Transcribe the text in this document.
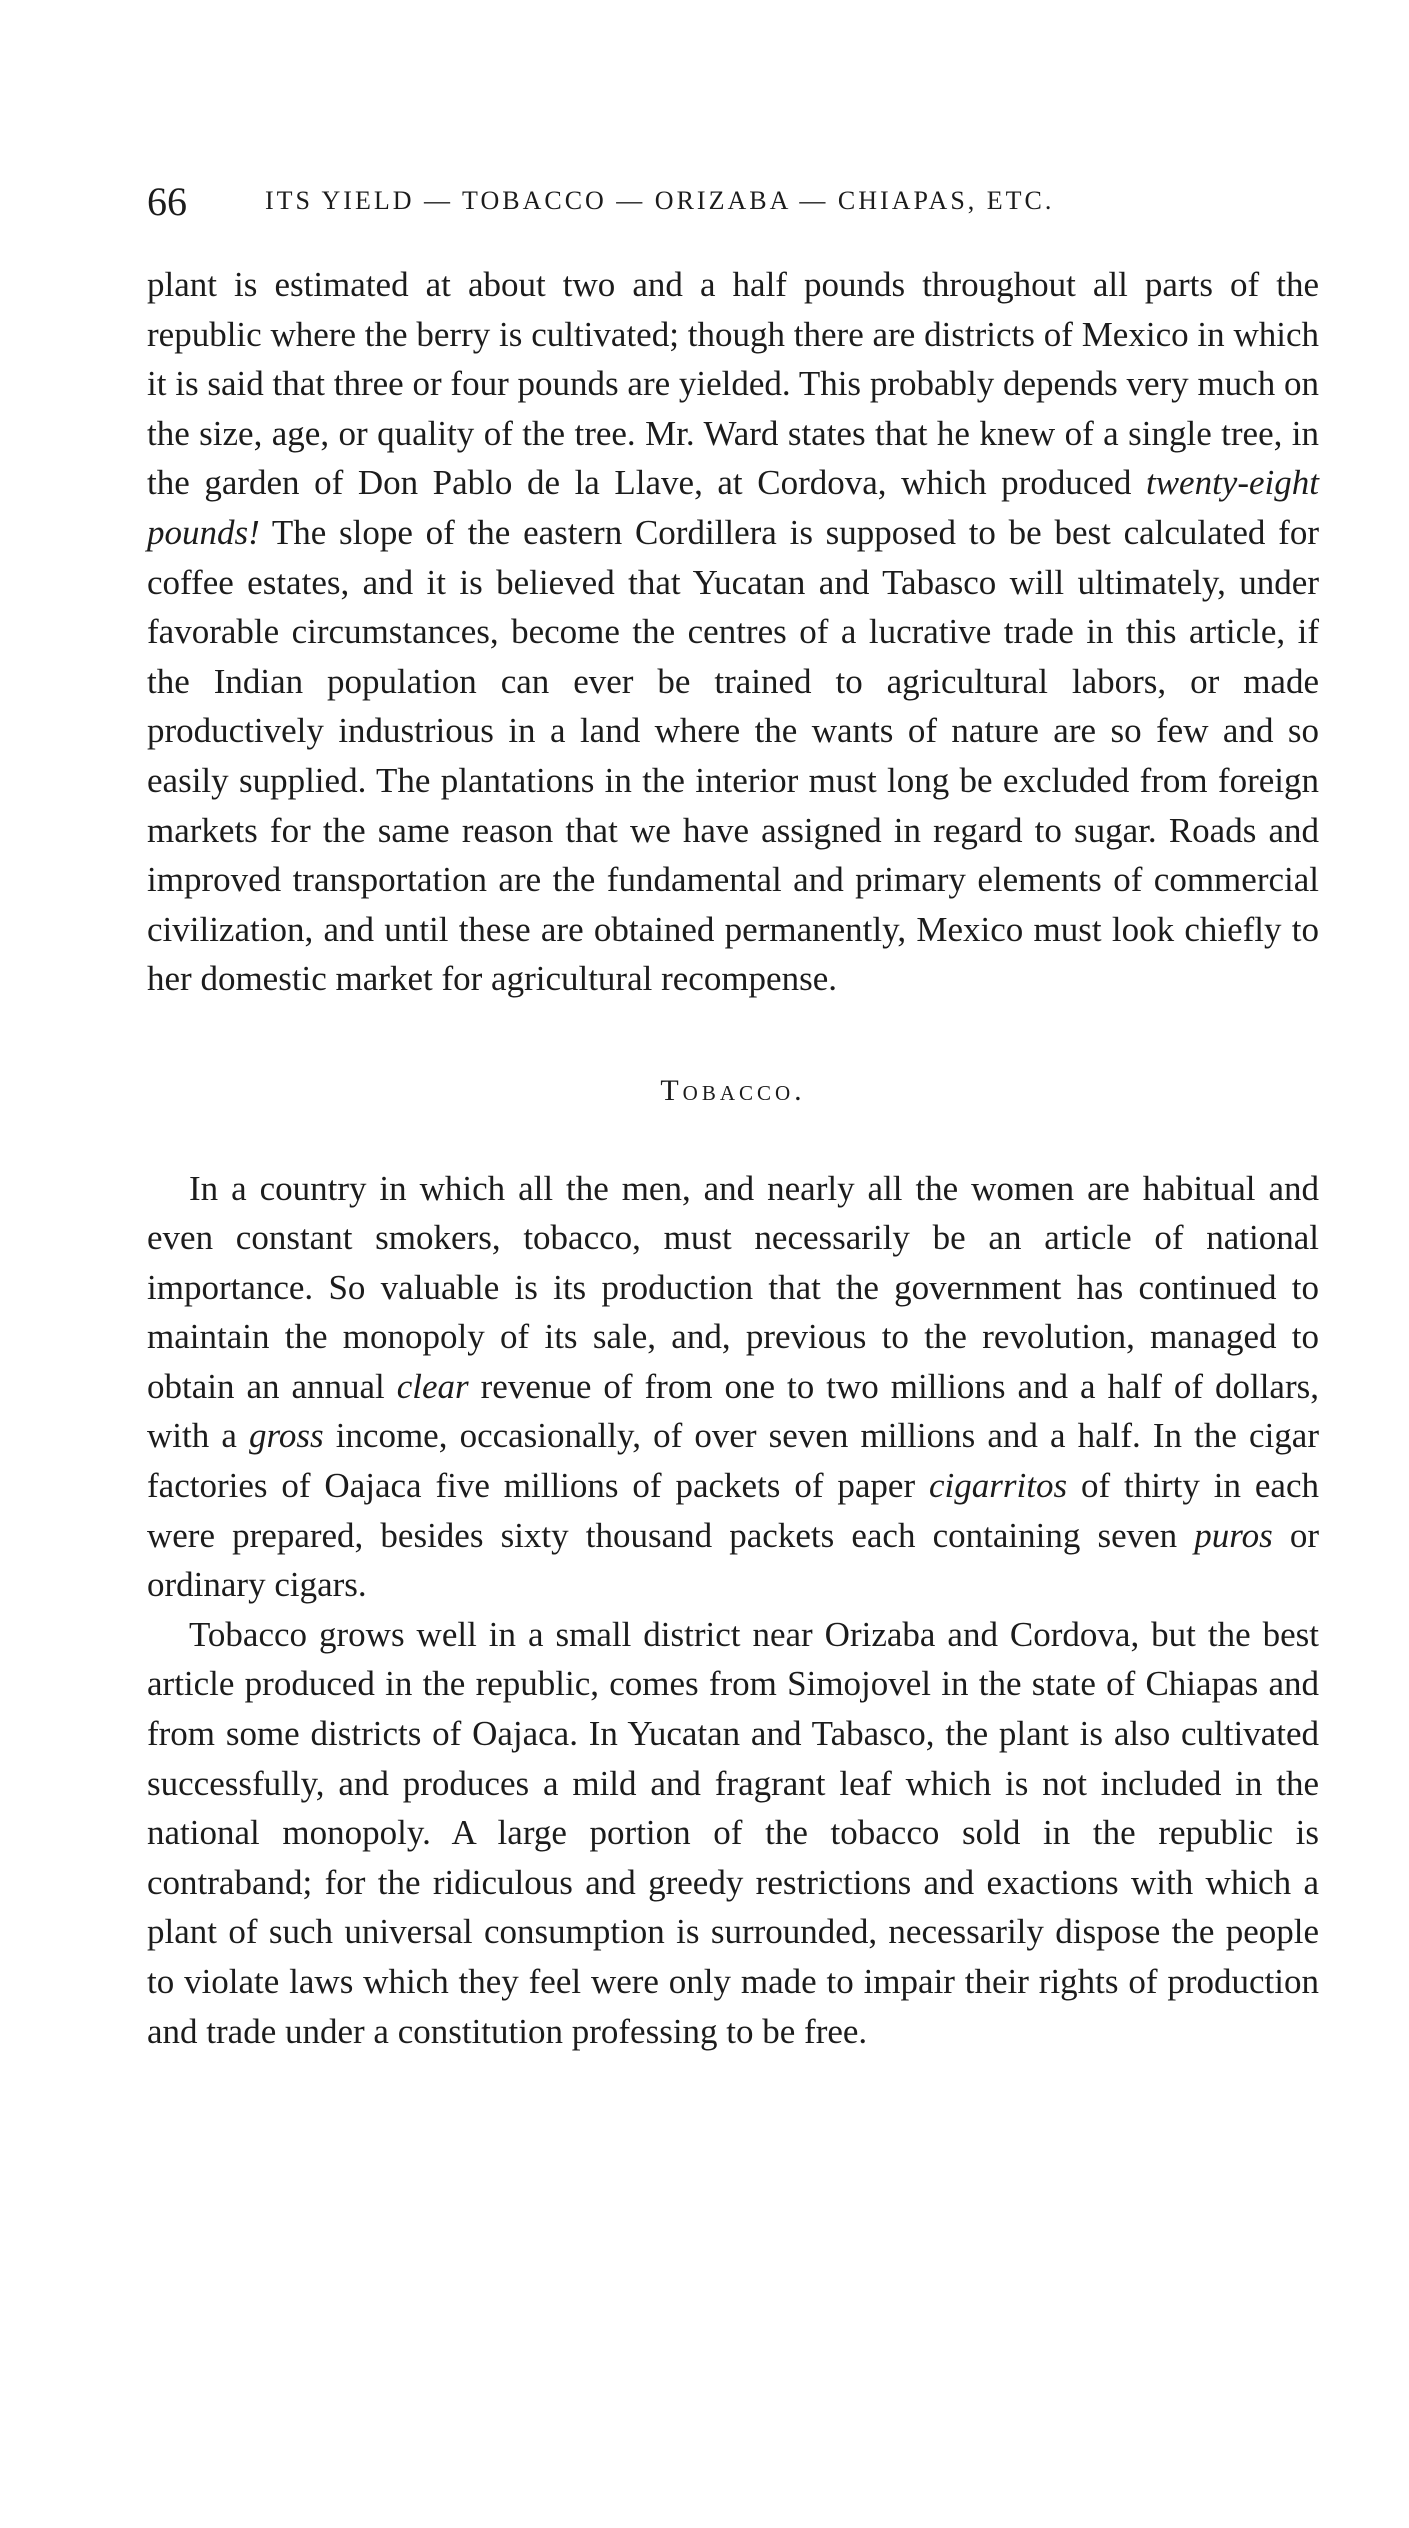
66	ITS YIELD — TOBACCO — ORIZABA — CHIAPAS, ETC.

plant is estimated at about two and a half pounds throughout all parts of the republic where the berry is cultivated; though there are districts of Mexico in which it is said that three or four pounds are yielded. This probably depends very much on the size, age, or quality of the tree. Mr. Ward states that he knew of a single tree, in the garden of Don Pablo de la Llave, at Cordova, which produced twenty-eight pounds! The slope of the eastern Cordillera is supposed to be best calculated for coffee estates, and it is believed that Yucatan and Tabasco will ultimately, under favorable circumstances, become the centres of a lucrative trade in this article, if the Indian population can ever be trained to agricultural labors, or made productively industrious in a land where the wants of nature are so few and so easily supplied. The plantations in the interior must long be excluded from foreign markets for the same reason that we have assigned in regard to sugar. Roads and improved transportation are the fundamental and primary elements of commercial civilization, and until these are obtained permanently, Mexico must look chiefly to her domestic market for agricultural recompense.

Tobacco.

In a country in which all the men, and nearly all the women are habitual and even constant smokers, tobacco, must necessarily be an article of national importance. So valuable is its production that the government has continued to maintain the monopoly of its sale, and, previous to the revolution, managed to obtain an annual clear revenue of from one to two millions and a half of dollars, with a gross income, occasionally, of over seven millions and a half. In the cigar factories of Oajaca five millions of packets of paper cigarritos of thirty in each were prepared, besides sixty thousand packets each containing seven puros or ordinary cigars.

Tobacco grows well in a small district near Orizaba and Cordova, but the best article produced in the republic, comes from Simojovel in the state of Chiapas and from some districts of Oajaca. In Yucatan and Tabasco, the plant is also cultivated successfully, and produces a mild and fragrant leaf which is not included in the national monopoly. A large portion of the tobacco sold in the republic is contraband; for the ridiculous and greedy restrictions and exactions with which a plant of such universal consumption is surrounded, necessarily dispose the people to violate laws which they feel were only made to impair their rights of production and trade under a constitution professing to be free.
